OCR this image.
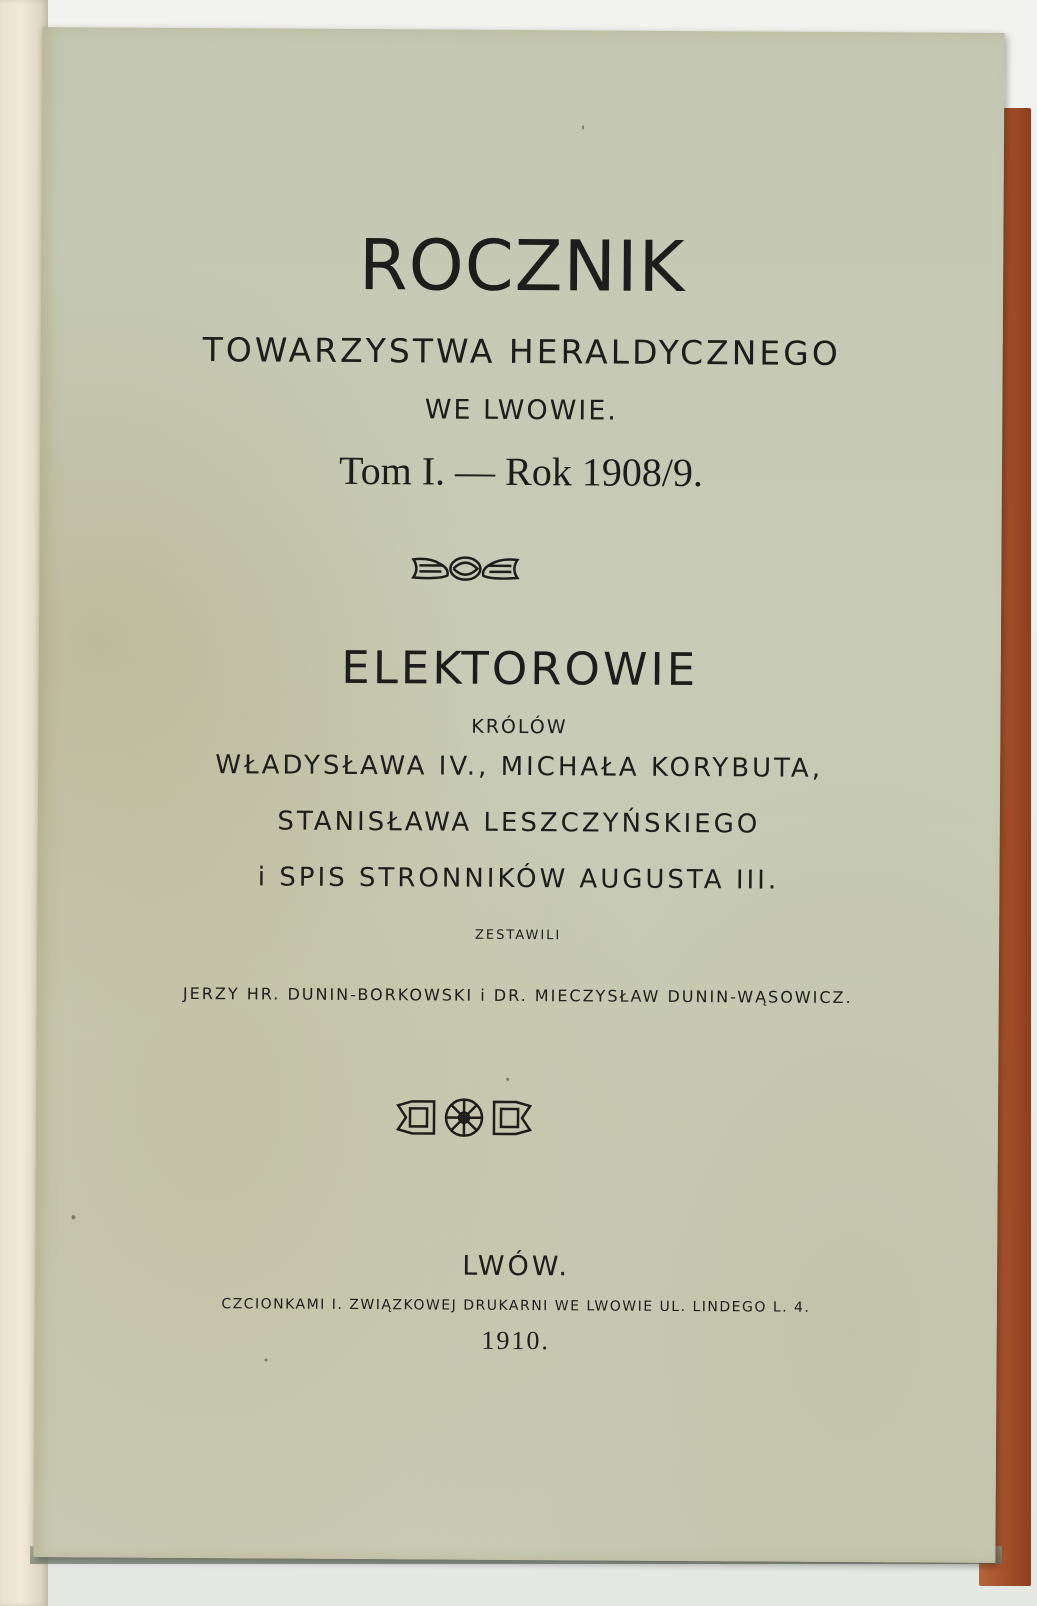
ROCZNIK
TOWARZYSTWA HERALDYCZNEGO
WE LWOWIE.
Tom I. — Rok 1908/9.
ELEKTOROWIE
KRÓLÓW
WŁADYSŁAWA IV., MICHAŁA KORYBUTA,
STANISŁAWA LESZCZYŃSKIEGO
i SPIS STRONNIKÓW AUGUSTA III.
ZESTAWILI
JERZY HR. DUNIN-BORKOWSKI i DR. MIECZYSŁAW DUNIN-WĄSOWICZ.
LWÓW.
CZCIONKAMI I. ZWIĄZKOWEJ DRUKARNI WE LWOWIE UL. LINDEGO L. 4.
1910.
